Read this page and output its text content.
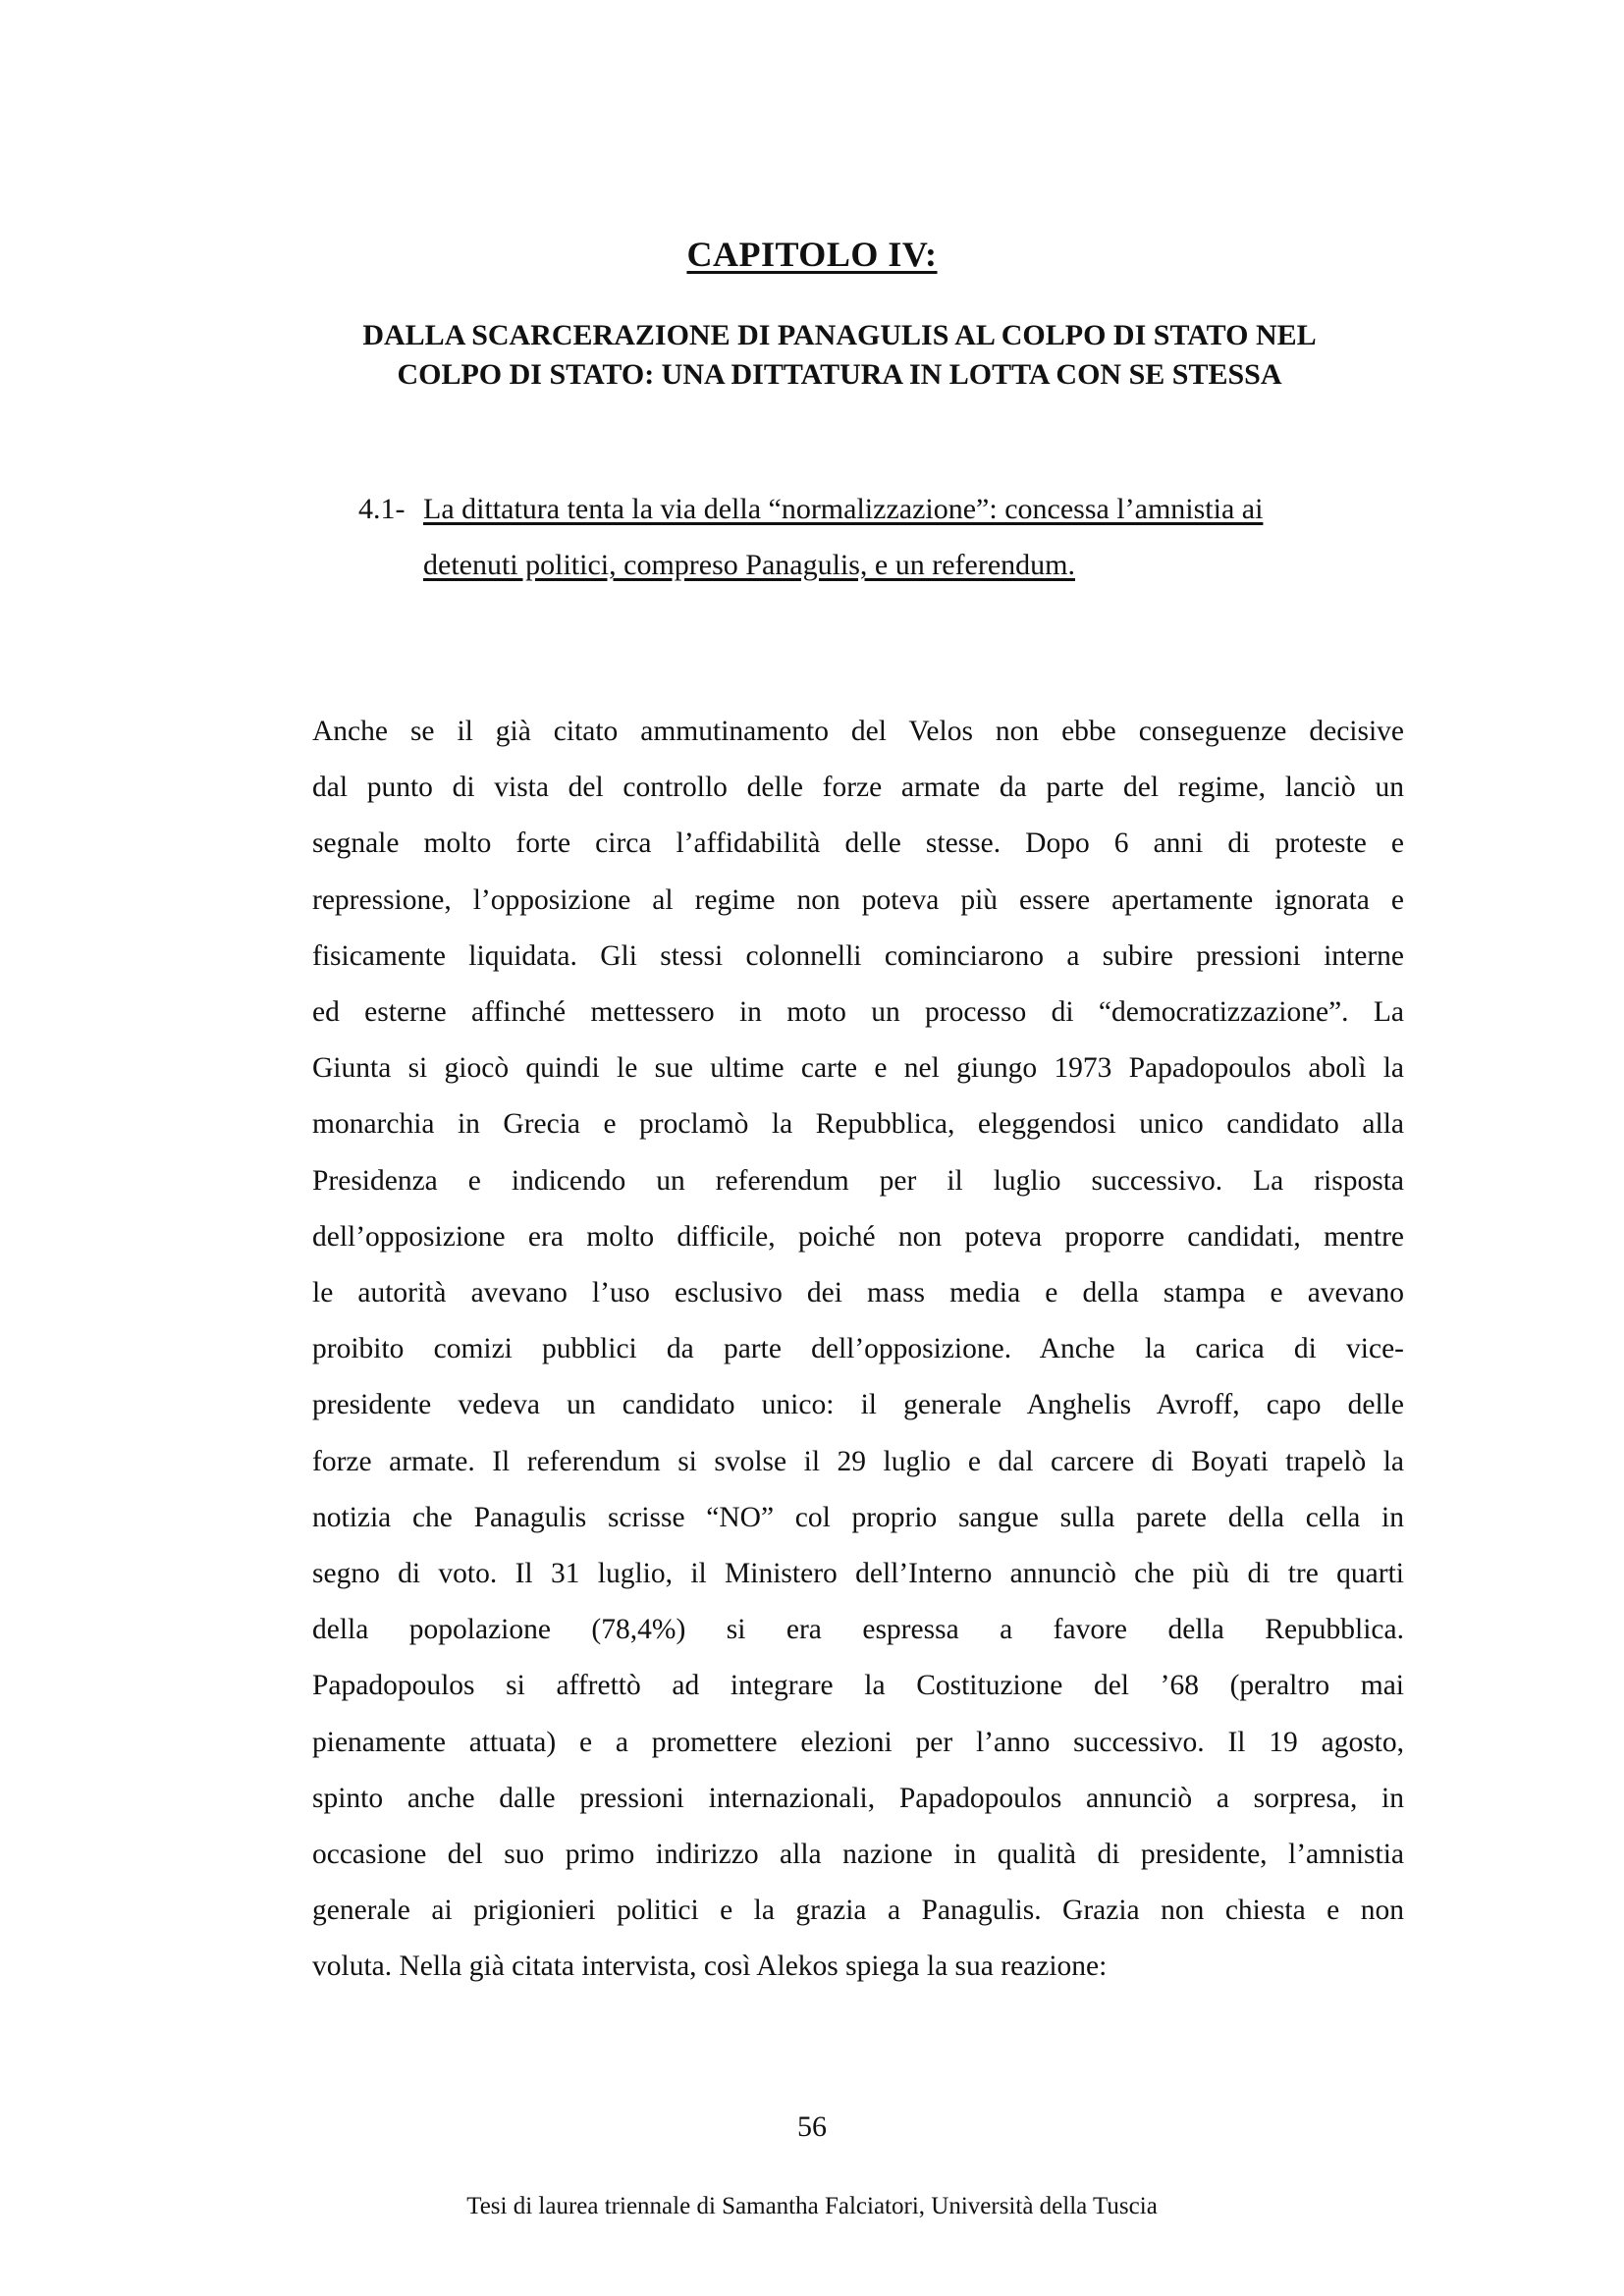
CAPITOLO IV:
DALLA SCARCERAZIONE DI PANAGULIS AL COLPO DI STATO NEL
COLPO DI STATO: UNA DITTATURA IN LOTTA CON SE STESSA
4.1- La dittatura tenta la via della “normalizzazione”: concessa l’amnistia ai
detenuti politici, compreso Panagulis, e un referendum.
Anche se il già citato ammutinamento del Velos non ebbe conseguenze decisive
dal punto di vista del controllo delle forze armate da parte del regime, lanciò un
segnale molto forte circa l’affidabilità delle stesse. Dopo 6 anni di proteste e
repressione, l’opposizione al regime non poteva più essere apertamente ignorata e
fisicamente liquidata. Gli stessi colonnelli cominciarono a subire pressioni interne
ed esterne affinché mettessero in moto un processo di “democratizzazione”. La
Giunta si giocò quindi le sue ultime carte e nel giungo 1973 Papadopoulos abolì la
monarchia in Grecia e proclamò la Repubblica, eleggendosi unico candidato alla
Presidenza e indicendo un referendum per il luglio successivo. La risposta
dell’opposizione era molto difficile, poiché non poteva proporre candidati, mentre
le autorità avevano l’uso esclusivo dei mass media e della stampa e avevano
proibito comizi pubblici da parte dell’opposizione. Anche la carica di vice-
presidente vedeva un candidato unico: il generale Anghelis Avroff, capo delle
forze armate. Il referendum si svolse il 29 luglio e dal carcere di Boyati trapelò la
notizia che Panagulis scrisse “NO” col proprio sangue sulla parete della cella in
segno di voto. Il 31 luglio, il Ministero dell’Interno annunciò che più di tre quarti
della popolazione (78,4%) si era espressa a favore della Repubblica.
Papadopoulos si affrettò ad integrare la Costituzione del ’68 (peraltro mai
pienamente attuata) e a promettere elezioni per l’anno successivo. Il 19 agosto,
spinto anche dalle pressioni internazionali, Papadopoulos annunciò a sorpresa, in
occasione del suo primo indirizzo alla nazione in qualità di presidente, l’amnistia
generale ai prigionieri politici e la grazia a Panagulis. Grazia non chiesta e non
voluta. Nella già citata intervista, così Alekos spiega la sua reazione:
56
Tesi di laurea triennale di Samantha Falciatori, Università della Tuscia
